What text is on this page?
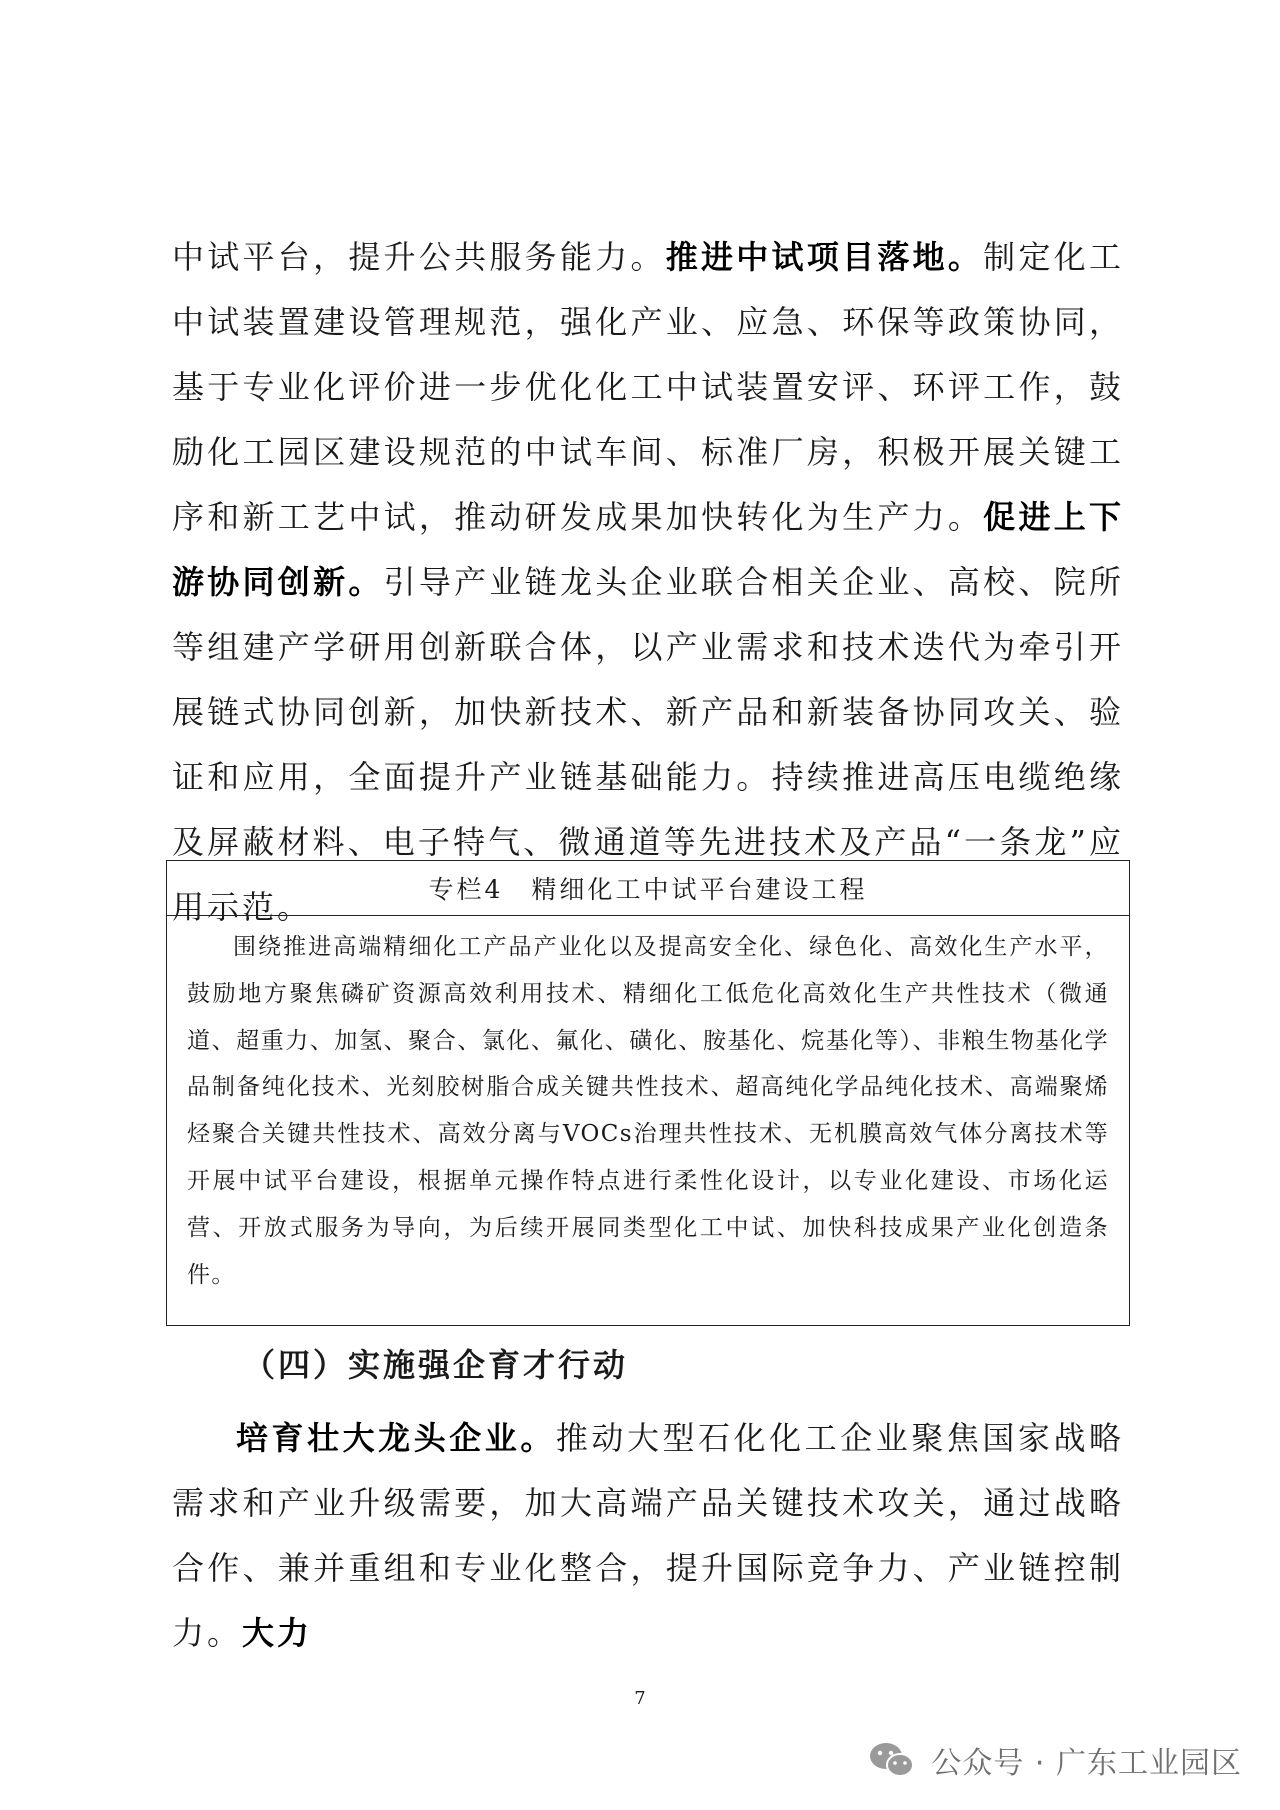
中试平台，提升公共服务能力。推进中试项目落地。制定化工中试装置建设管理规范，强化产业、应急、环保等政策协同，基于专业化评价进一步优化化工中试装置安评、环评工作，鼓励化工园区建设规范的中试车间、标准厂房，积极开展关键工序和新工艺中试，推动研发成果加快转化为生产力。促进上下游协同创新。引导产业链龙头企业联合相关企业、高校、院所等组建产学研用创新联合体，以产业需求和技术迭代为牵引开展链式协同创新，加快新技术、新产品和新装备协同攻关、验证和应用，全面提升产业链基础能力。持续推进高压电缆绝缘及屏蔽材料、电子特气、微通道等先进技术及产品“一条龙”应用示范。	专栏4　精细化工中试平台建设工程

围绕推进高端精细化工产品产业化以及提高安全化、绿色化、高效化生产水平，鼓励地方聚焦磷矿资源高效利用技术、精细化工低危化高效化生产共性技术（微通道、超重力、加氢、聚合、氯化、氟化、磺化、胺基化、烷基化等）、非粮生物基化学品制备纯化技术、光刻胶树脂合成关键共性技术、超高纯化学品纯化技术、高端聚烯烃聚合关键共性技术、高效分离与VOCs治理共性技术、无机膜高效气体分离技术等开展中试平台建设，根据单元操作特点进行柔性化设计，以专业化建设、市场化运营、开放式服务为导向，为后续开展同类型化工中试、加快科技成果产业化创造条件。

（四）实施强企育才行动

培育壮大龙头企业。推动大型石化化工企业聚焦国家战略需求和产业升级需要，加大高端产品关键技术攻关，通过战略合作、兼并重组和专业化整合，提升国际竞争力、产业链控制力。大力

7
公众号 · 广东工业园区
